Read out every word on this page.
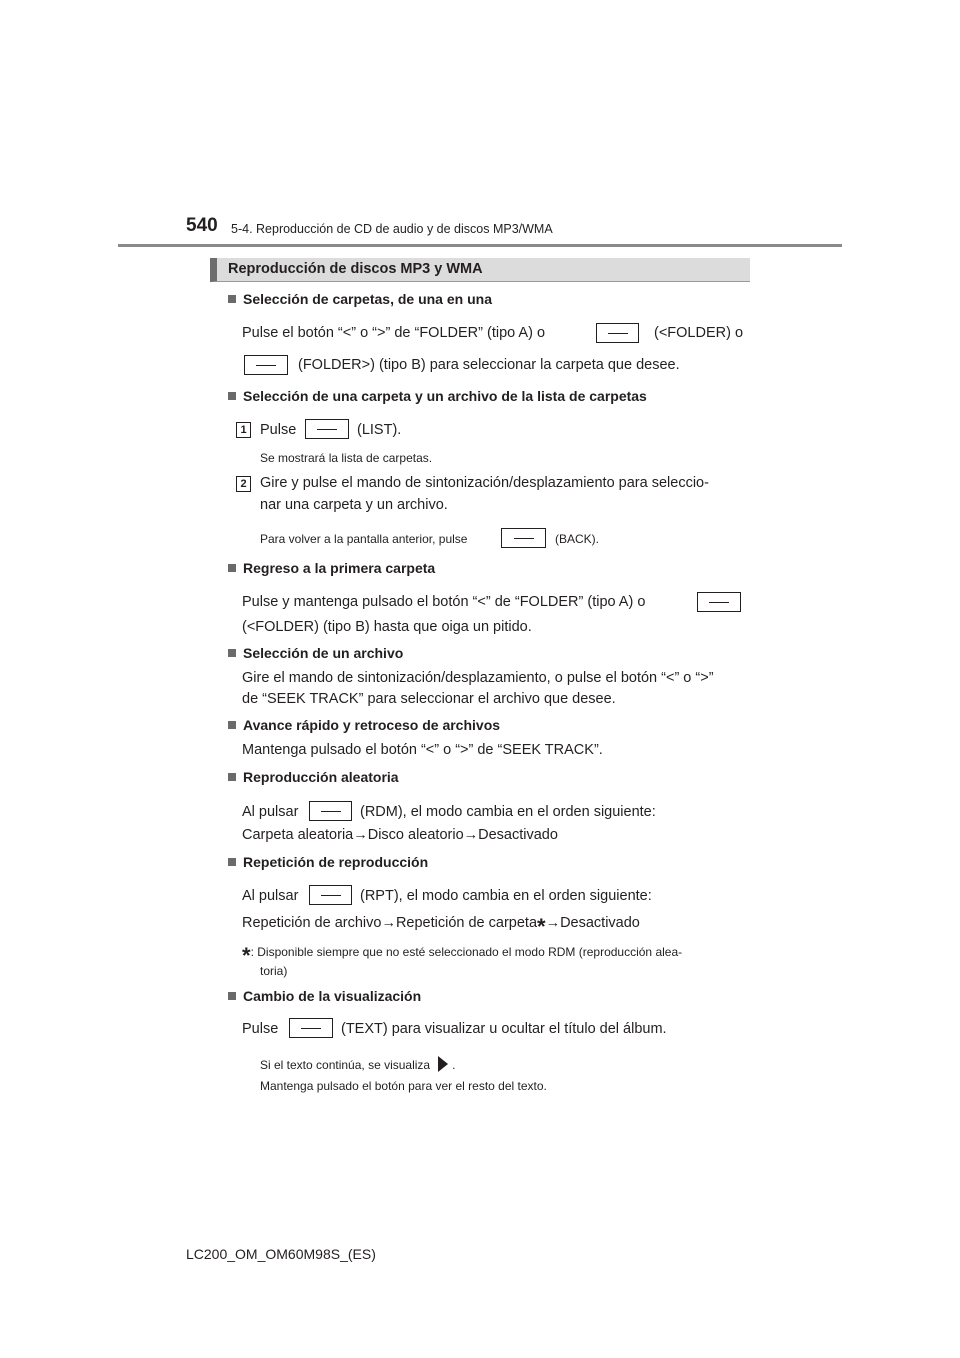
540 5-4. Reproducción de CD de audio y de discos MP3/WMA
Reproducción de discos MP3 y WMA
Selección de carpetas, de una en una
Pulse el botón “<” o “>” de “FOLDER” (tipo A) o	(<FOLDER) o
(FOLDER>) (tipo B) para seleccionar la carpeta que desee.
Selección de una carpeta y un archivo de la lista de carpetas
1 Pulse	(LIST).
Se mostrará la lista de carpetas.
2 Gire y pulse el mando de sintonización/desplazamiento para seleccio-
nar una carpeta y un archivo.
Para volver a la pantalla anterior, pulse	(BACK).
Regreso a la primera carpeta
Pulse y mantenga pulsado el botón “<” de “FOLDER” (tipo A) o
(<FOLDER) (tipo B) hasta que oiga un pitido.
Selección de un archivo
Gire el mando de sintonización/desplazamiento, o pulse el botón “<” o “>”
de “SEEK TRACK” para seleccionar el archivo que desee.
Avance rápido y retroceso de archivos
Mantenga pulsado el botón “<” o “>” de “SEEK TRACK”.
Reproducción aleatoria
Al pulsar	(RDM), el modo cambia en el orden siguiente:
Carpeta aleatoria→Disco aleatorio→Desactivado
Repetición de reproducción
Al pulsar	(RPT), el modo cambia en el orden siguiente:
Repetición de archivo→Repetición de carpeta*→Desactivado
*: Disponible siempre que no esté seleccionado el modo RDM (reproducción alea-
toria)
Cambio de la visualización
Pulse	(TEXT) para visualizar u ocultar el título del álbum.
Si el texto continúa, se visualiza .
Mantenga pulsado el botón para ver el resto del texto.
LC200_OM_OM60M98S_(ES)
